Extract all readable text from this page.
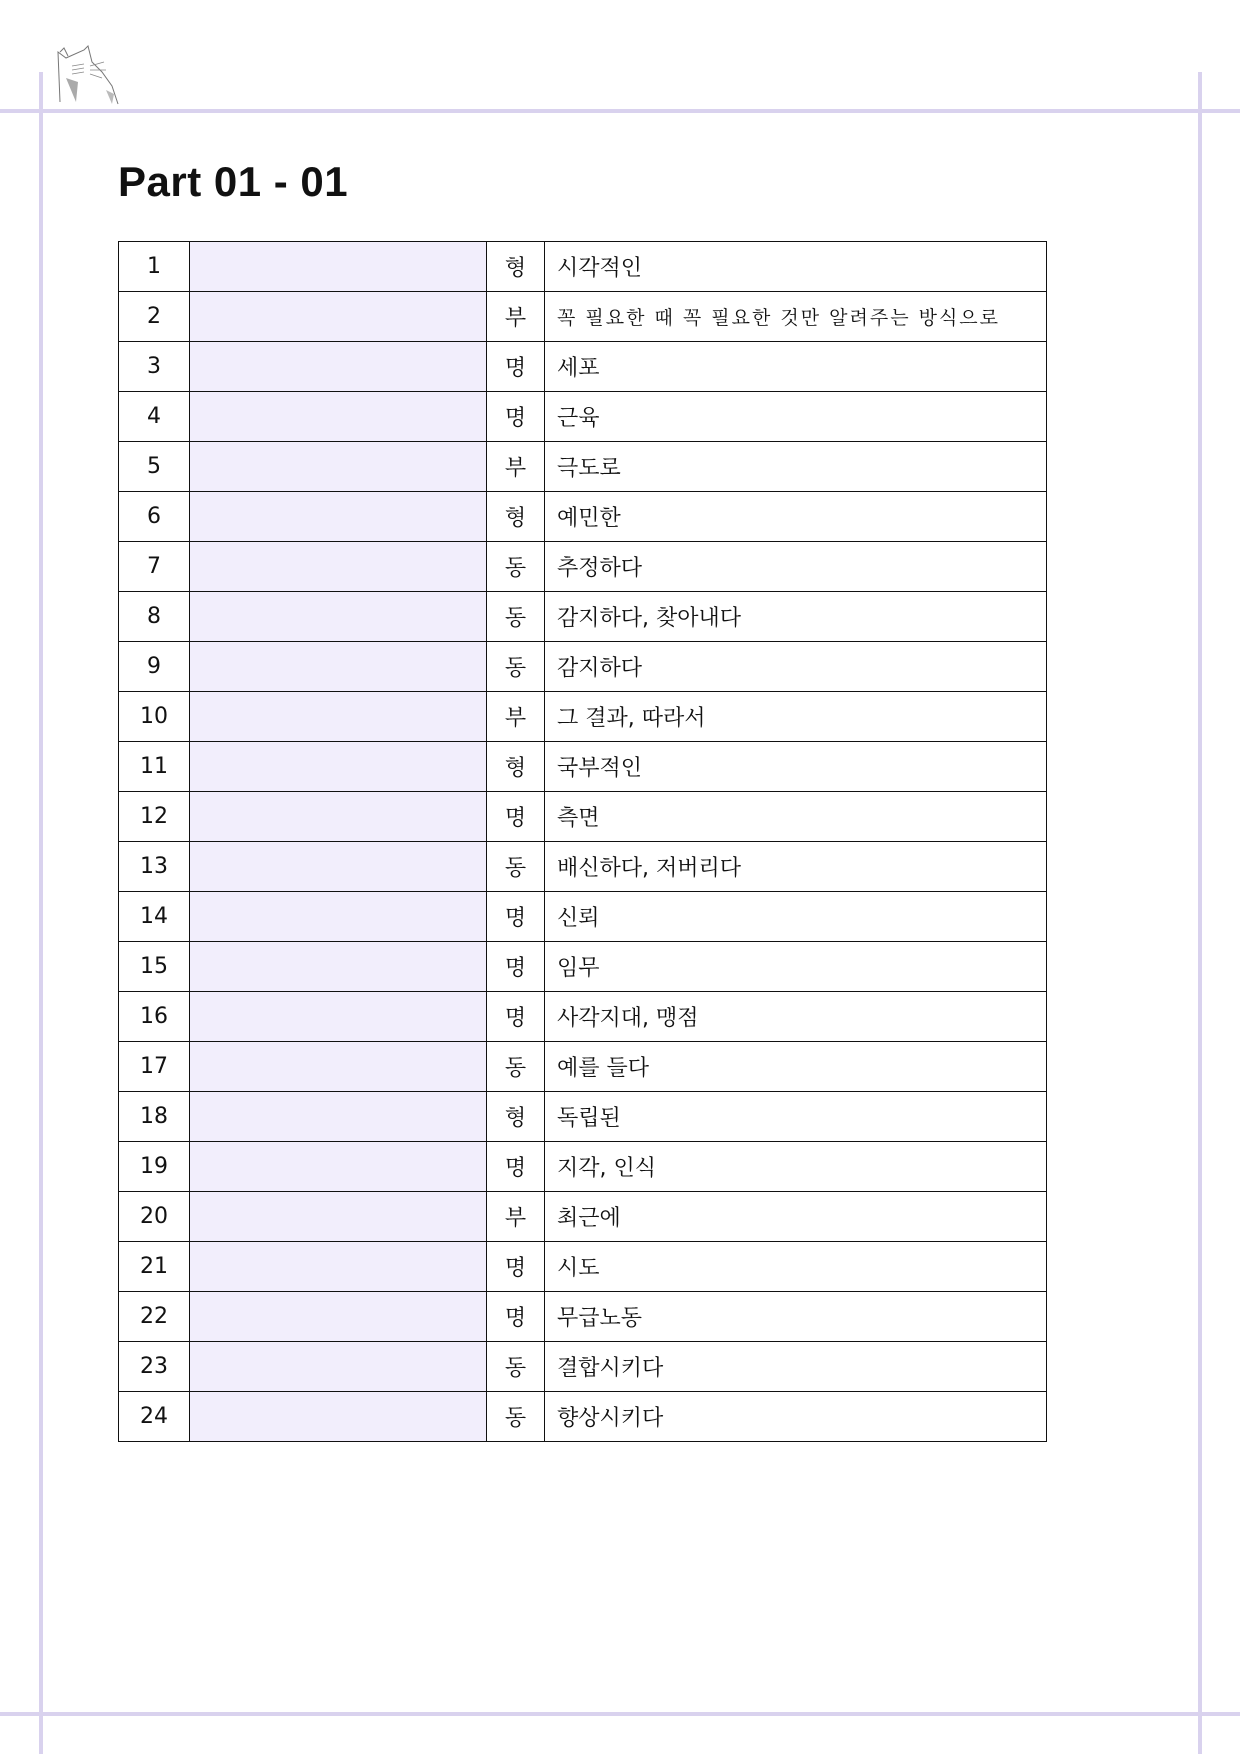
Part 01 - 01
1		형	시각적인
2		부	꼭 필요한 때 꼭 필요한 것만 알려주는 방식으로
3		명	세포
4		명	근육
5		부	극도로
6		형	예민한
7		동	추정하다
8		동	감지하다, 찾아내다
9		동	감지하다
10		부	그 결과, 따라서
11		형	국부적인
12		명	측면
13		동	배신하다, 저버리다
14		명	신뢰
15		명	임무
16		명	사각지대, 맹점
17		동	예를 들다
18		형	독립된
19		명	지각, 인식
20		부	최근에
21		명	시도
22		명	무급노동
23		동	결합시키다
24		동	향상시키다
